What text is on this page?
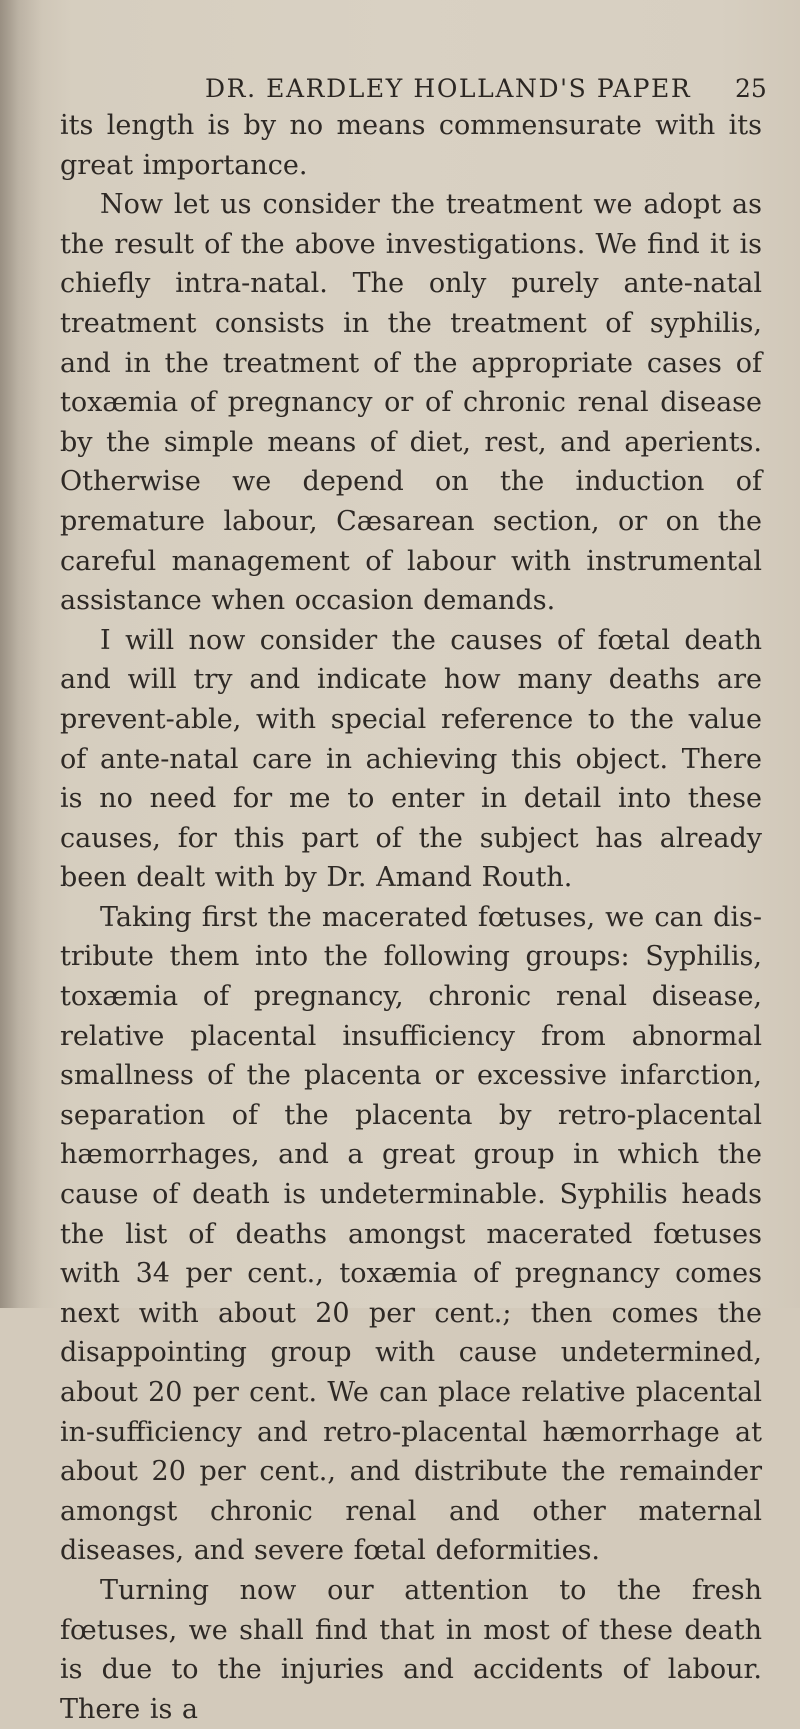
DR. EARDLEY HOLLAND'S PAPER 25

its length is by no means commensurate with its great importance.

Now let us consider the treatment we adopt as the result of the above investigations. We find it is chiefly intra-natal. The only purely ante-natal treatment consists in the treatment of syphilis, and in the treatment of the appropriate cases of toxæmia of pregnancy or of chronic renal disease by the simple means of diet, rest, and aperients. Otherwise we depend on the induction of premature labour, Cæsarean section, or on the careful management of labour with instrumental assistance when occasion demands.

I will now consider the causes of fœtal death and will try and indicate how many deaths are prevent-able, with special reference to the value of ante-natal care in achieving this object. There is no need for me to enter in detail into these causes, for this part of the subject has already been dealt with by Dr. Amand Routh.

Taking first the macerated fœtuses, we can dis-tribute them into the following groups: Syphilis, toxæmia of pregnancy, chronic renal disease, relative placental insufficiency from abnormal smallness of the placenta or excessive infarction, separation of the placenta by retro-placental hæmorrhages, and a great group in which the cause of death is undeterminable. Syphilis heads the list of deaths amongst macerated fœtuses with 34 per cent., toxæmia of pregnancy comes next with about 20 per cent.; then comes the disappointing group with cause undetermined, about 20 per cent. We can place relative placental in-sufficiency and retro-placental hæmorrhage at about 20 per cent., and distribute the remainder amongst chronic renal and other maternal diseases, and severe fœtal deformities.

Turning now our attention to the fresh fœtuses, we shall find that in most of these death is due to the injuries and accidents of labour. There is a
